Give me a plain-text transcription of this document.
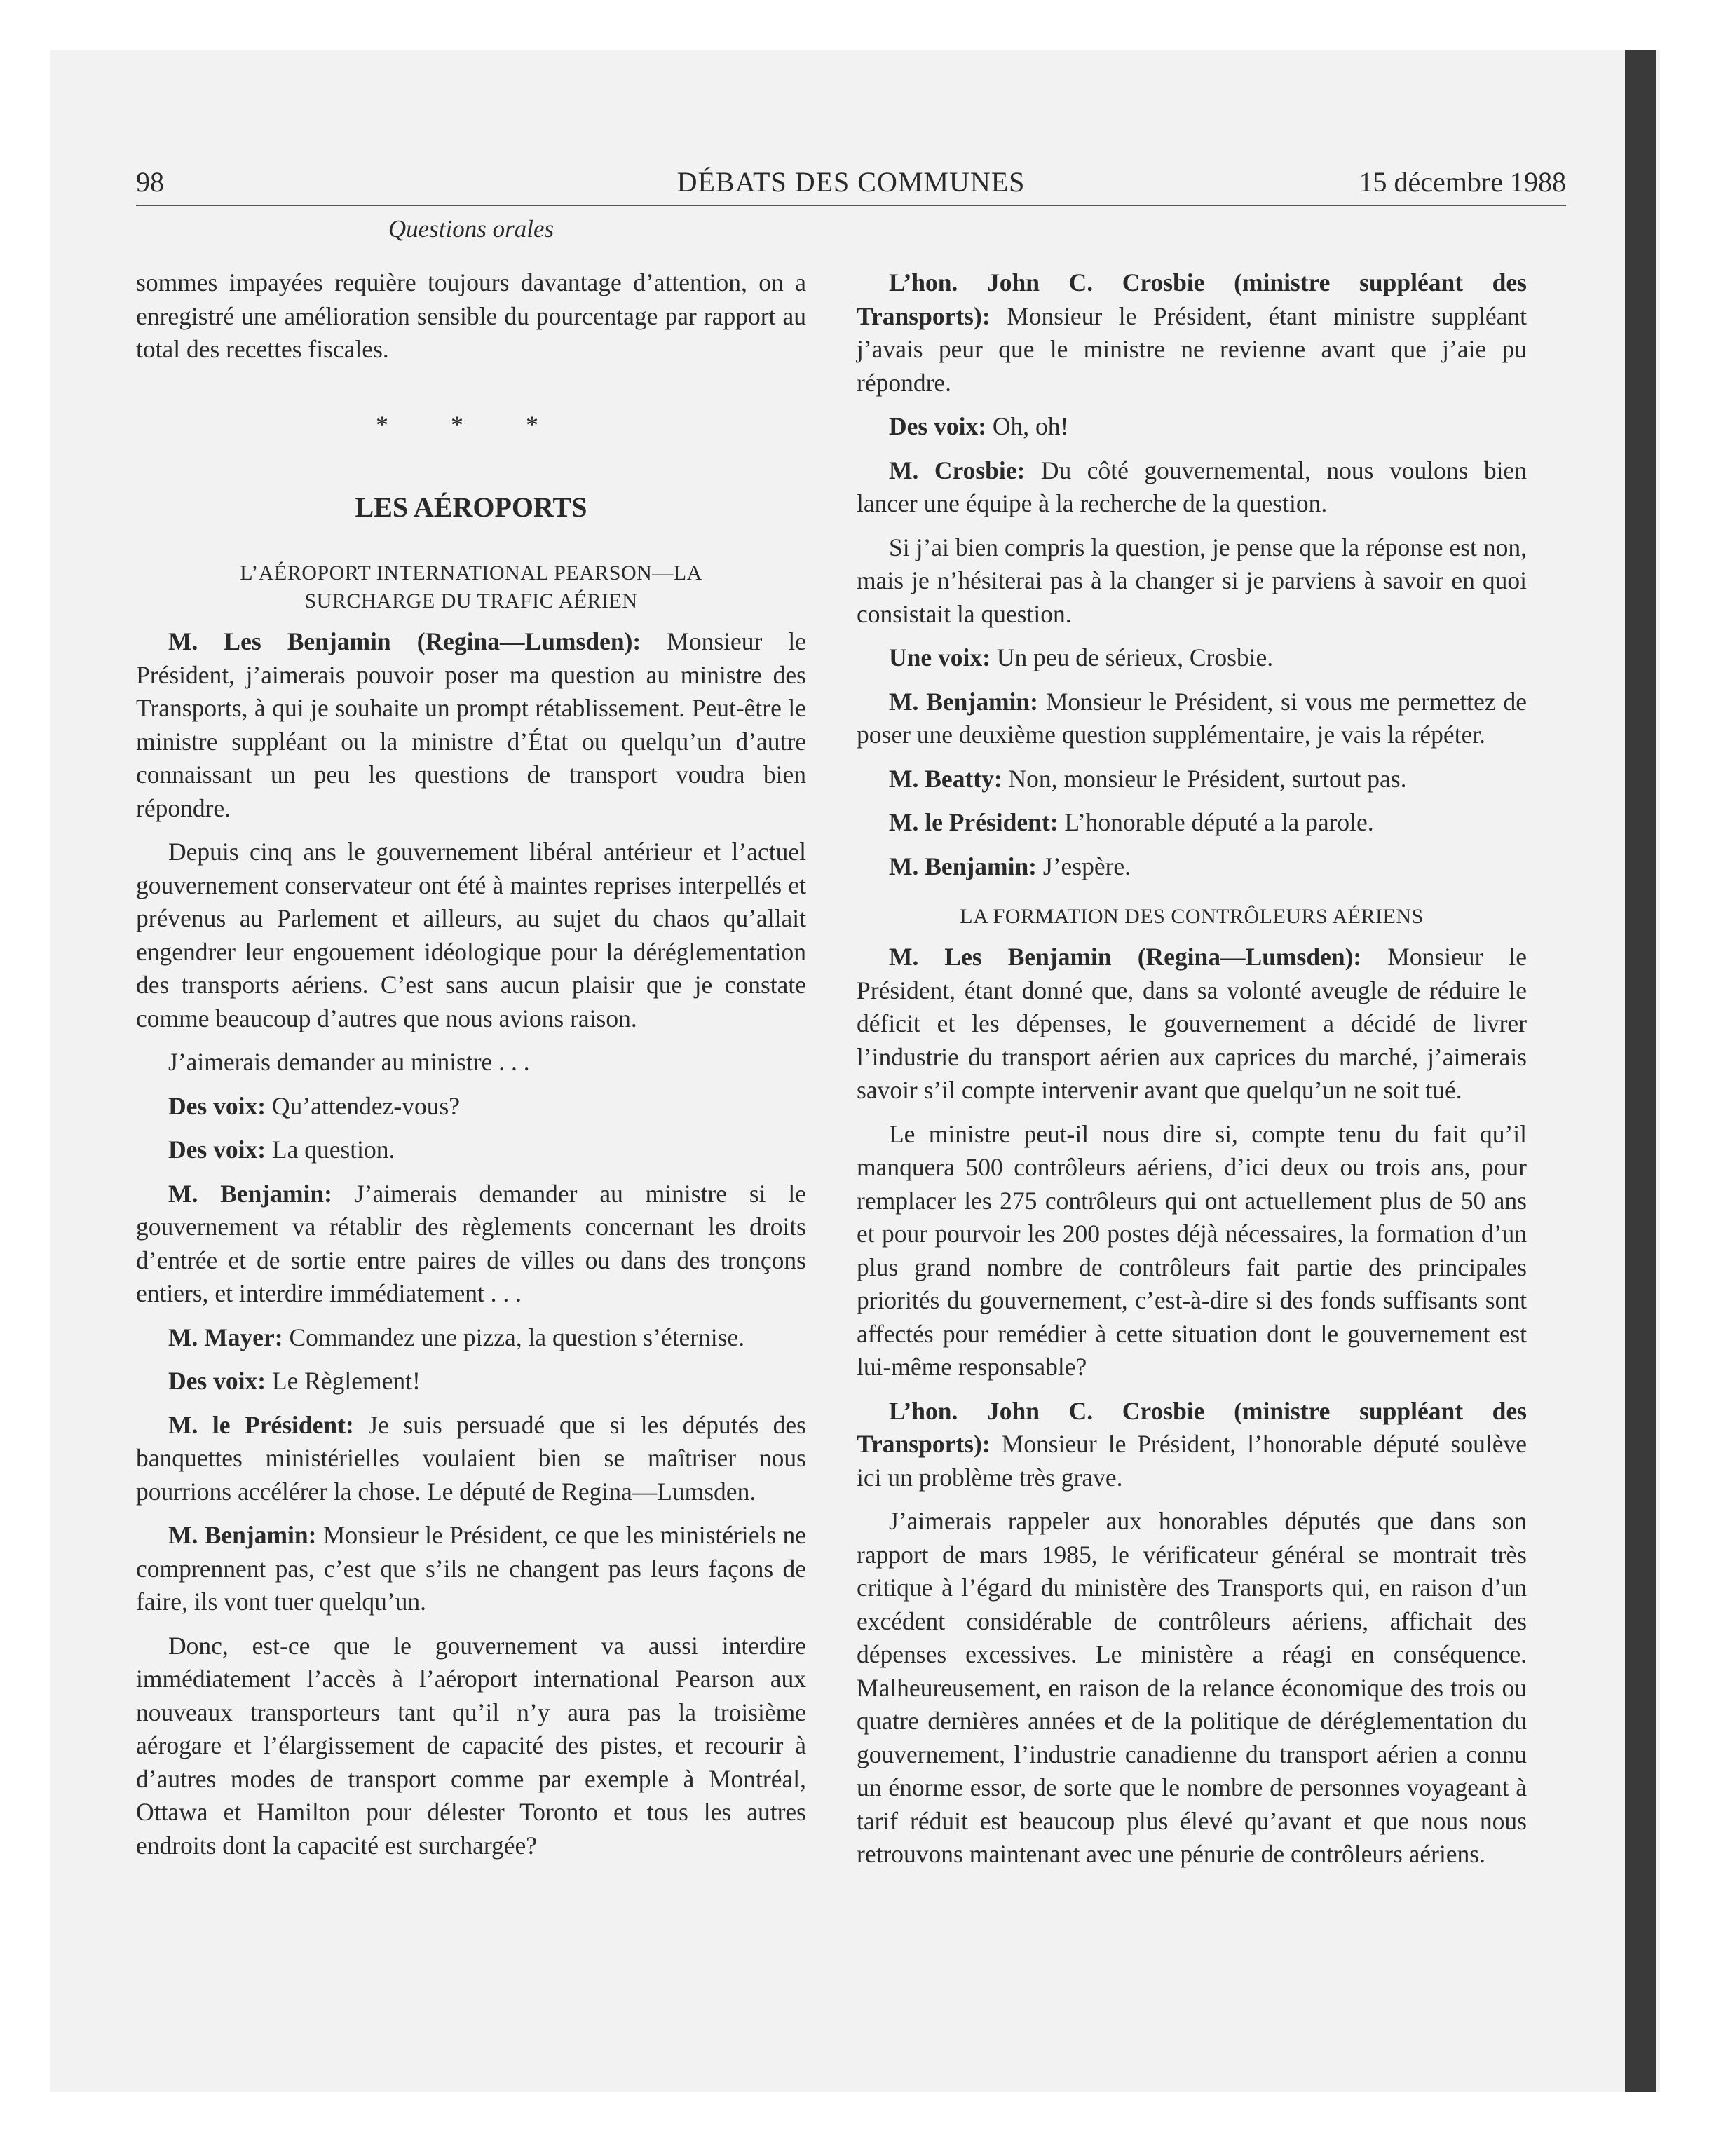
98	DÉBATS DES COMMUNES	15 décembre 1988
Questions orales

sommes impayées requière toujours davantage d’attention, on a enregistré une amélioration sensible du pourcentage par rapport au total des recettes fiscales.

* * *
LES AÉROPORTS
L’AÉROPORT INTERNATIONAL PEARSON—LA
SURCHARGE DU TRAFIC AÉRIEN

M. Les Benjamin (Regina—Lumsden): Monsieur le Président, j’aimerais pouvoir poser ma question au ministre des Transports, à qui je souhaite un prompt rétablissement. Peut-être le ministre suppléant ou la ministre d’État ou quelqu’un d’autre connaissant un peu les questions de transport voudra bien répondre.

Depuis cinq ans le gouvernement libéral antérieur et l’actuel gouvernement conservateur ont été à maintes reprises interpellés et prévenus au Parlement et ailleurs, au sujet du chaos qu’allait engendrer leur engouement idéologique pour la déréglementation des transports aériens. C’est sans aucun plaisir que je constate comme beaucoup d’autres que nous avions raison.

J’aimerais demander au ministre . . .

Des voix: Qu’attendez-vous?

Des voix: La question.

M. Benjamin: J’aimerais demander au ministre si le gouvernement va rétablir des règlements concernant les droits d’entrée et de sortie entre paires de villes ou dans des tronçons entiers, et interdire immédiatement . . .

M. Mayer: Commandez une pizza, la question s’éternise.

Des voix: Le Règlement!

M. le Président: Je suis persuadé que si les députés des banquettes ministérielles voulaient bien se maîtriser nous pourrions accélérer la chose. Le député de Regina—Lumsden.

M. Benjamin: Monsieur le Président, ce que les ministériels ne comprennent pas, c’est que s’ils ne changent pas leurs façons de faire, ils vont tuer quelqu’un.

Donc, est-ce que le gouvernement va aussi interdire immédiatement l’accès à l’aéroport international Pearson aux nouveaux transporteurs tant qu’il n’y aura pas la troisième aérogare et l’élargissement de capacité des pistes, et recourir à d’autres modes de transport comme par exemple à Montréal, Ottawa et Hamilton pour délester Toronto et tous les autres endroits dont la capacité est surchargée?

L’hon. John C. Crosbie (ministre suppléant des Transports): Monsieur le Président, étant ministre suppléant j’avais peur que le ministre ne revienne avant que j’aie pu répondre.

Des voix: Oh, oh!

M. Crosbie: Du côté gouvernemental, nous voulons bien lancer une équipe à la recherche de la question.

Si j’ai bien compris la question, je pense que la réponse est non, mais je n’hésiterai pas à la changer si je parviens à savoir en quoi consistait la question.

Une voix: Un peu de sérieux, Crosbie.

M. Benjamin: Monsieur le Président, si vous me permettez de poser une deuxième question supplémentaire, je vais la répéter.

M. Beatty: Non, monsieur le Président, surtout pas.

M. le Président: L’honorable député a la parole.

M. Benjamin: J’espère.

LA FORMATION DES CONTRÔLEURS AÉRIENS

M. Les Benjamin (Regina—Lumsden): Monsieur le Président, étant donné que, dans sa volonté aveugle de réduire le déficit et les dépenses, le gouvernement a décidé de livrer l’industrie du transport aérien aux caprices du marché, j’aimerais savoir s’il compte intervenir avant que quelqu’un ne soit tué.

Le ministre peut-il nous dire si, compte tenu du fait qu’il manquera 500 contrôleurs aériens, d’ici deux ou trois ans, pour remplacer les 275 contrôleurs qui ont actuellement plus de 50 ans et pour pourvoir les 200 postes déjà nécessaires, la formation d’un plus grand nombre de contrôleurs fait partie des principales priorités du gouvernement, c’est-à-dire si des fonds suffisants sont affectés pour remédier à cette situation dont le gouvernement est lui-même responsable?

L’hon. John C. Crosbie (ministre suppléant des Transports): Monsieur le Président, l’honorable député soulève ici un problème très grave.

J’aimerais rappeler aux honorables députés que dans son rapport de mars 1985, le vérificateur général se montrait très critique à l’égard du ministère des Transports qui, en raison d’un excédent considérable de contrôleurs aériens, affichait des dépenses excessives. Le ministère a réagi en conséquence. Malheureusement, en raison de la relance économique des trois ou quatre dernières années et de la politique de déréglementation du gouvernement, l’industrie canadienne du transport aérien a connu un énorme essor, de sorte que le nombre de personnes voyageant à tarif réduit est beaucoup plus élevé qu’avant et que nous nous retrouvons maintenant avec une pénurie de contrôleurs aériens.
